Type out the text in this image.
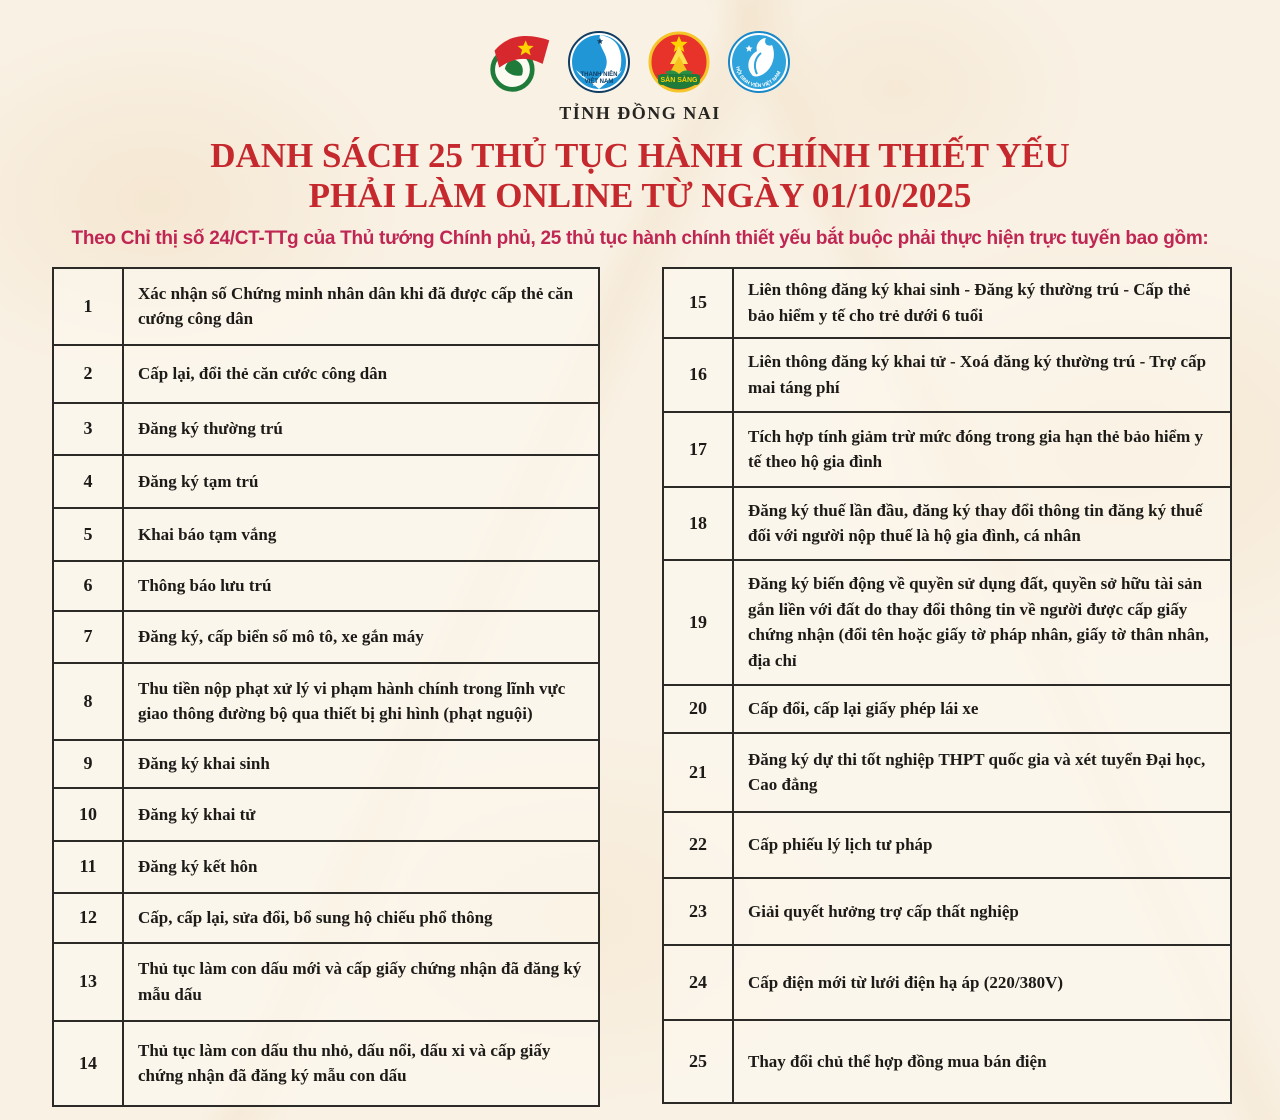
THANH NIÊN
VIỆT NAM	SẴN SÀNG
HỘI SINH VIÊN VIỆT NAM
TỈNH ĐỒNG NAI
DANH SÁCH 25 THỦ TỤC HÀNH CHÍNH THIẾT YẾU
PHẢI LÀM ONLINE TỪ NGÀY 01/10/2025
Theo Chỉ thị số 24/CT-TTg của Thủ tướng Chính phủ, 25 thủ tục hành chính thiết yếu bắt buộc phải thực hiện trực tuyến bao gồm:
1	Xác nhận số Chứng minh nhân dân khi đã được cấp thẻ căn cướng công dân
2	Cấp lại, đổi thẻ căn cước công dân
3	Đăng ký thường trú
4	Đăng ký tạm trú
5	Khai báo tạm vắng
6	Thông báo lưu trú
7	Đăng ký, cấp biển số mô tô, xe gắn máy
8	Thu tiền nộp phạt xử lý vi phạm hành chính trong lĩnh vực giao thông đường bộ qua thiết bị ghi hình (phạt nguội)
9	Đăng ký khai sinh
10	Đăng ký khai tử
11	Đăng ký kết hôn
12	Cấp, cấp lại, sửa đổi, bổ sung hộ chiếu phổ thông
13	Thủ tục làm con dấu mới và cấp giấy chứng nhận đã đăng ký mẫu dấu
14	Thủ tục làm con dấu thu nhỏ, dấu nổi, dấu xi và cấp giấy chứng nhận đã đăng ký mẫu con dấu
15	Liên thông đăng ký khai sinh - Đăng ký thường trú - Cấp thẻ bảo hiểm y tế cho trẻ dưới 6 tuổi
16	Liên thông đăng ký khai tử - Xoá đăng ký thường trú - Trợ cấp mai táng phí
17	Tích hợp tính giảm trừ mức đóng trong gia hạn thẻ bảo hiểm y tế theo hộ gia đình
18	Đăng ký thuế lần đầu, đăng ký thay đổi thông tin đăng ký thuế đối với người nộp thuế là hộ gia đình, cá nhân
19	Đăng ký biến động về quyền sử dụng đất, quyền sở hữu tài sản gắn liền với đất do thay đổi thông tin về người được cấp giấy chứng nhận (đổi tên hoặc giấy tờ pháp nhân, giấy tờ thân nhân, địa chỉ
20	Cấp đổi, cấp lại giấy phép lái xe
21	Đăng ký dự thi tốt nghiệp THPT quốc gia và xét tuyển Đại học, Cao đẳng
22	Cấp phiếu lý lịch tư pháp
23	Giải quyết hưởng trợ cấp thất nghiệp
24	Cấp điện mới từ lưới điện hạ áp (220/380V)
25	Thay đổi chủ thể hợp đồng mua bán điện
